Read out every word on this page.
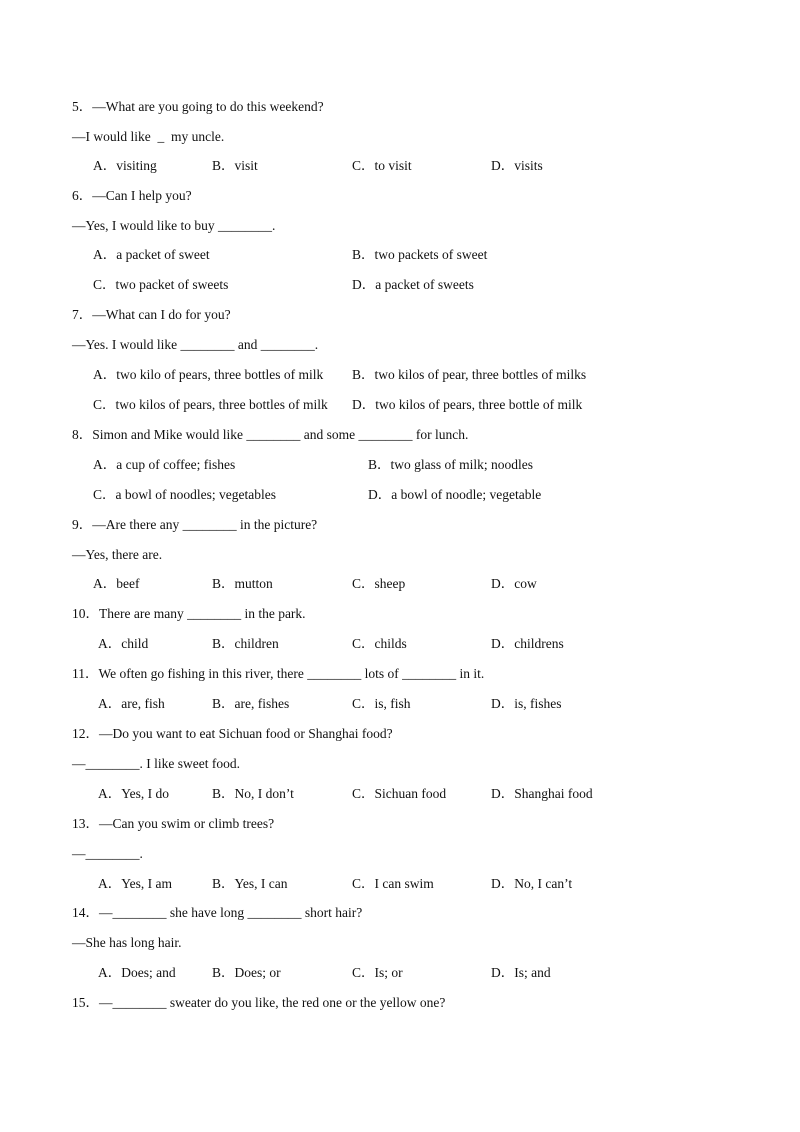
5．—What are you going to do this weekend?
—I would like  _  my uncle.
A．visiting	B．visit	C．to visit	D．visits
6．—Can I help you?
—Yes, I would like to buy ________.
A．a packet of sweet	B．two packets of sweet
C．two packet of sweets	D．a packet of sweets
7．—What can I do for you?
—Yes. I would like ________ and ________.
A．two kilo of pears, three bottles of milk B．two kilos of pear, three bottles of milks
C．two kilos of pears, three bottles of milk D．two kilos of pears, three bottle of milk
8．Simon and Mike would like ________ and some ________ for lunch.
A．a cup of coffee; fishes	B．two glass of milk; noodles
C．a bowl of noodles; vegetables	D．a bowl of noodle; vegetable
9．—Are there any ________ in the picture?
—Yes, there are.
A．beef	B．mutton	C．sheep	D．cow
10．There are many ________ in the park.
A．child	B．children	C．childs	D．childrens
11．We often go fishing in this river, there ________ lots of ________ in it.
A．are, fish	B．are, fishes	C．is, fish	D．is, fishes
12．—Do you want to eat Sichuan food or Shanghai food?
—________. I like sweet food.
A．Yes, I do	B．No, I don’t	C．Sichuan food	D．Shanghai food
13．—Can you swim or climb trees?
—________.
A．Yes, I am	B．Yes, I can	C．I can swim	D．No, I can’t
14．—________ she have long ________ short hair?
—She has long hair.
A．Does; and	B．Does; or	C．Is; or	D．Is; and
15．—________ sweater do you like, the red one or the yellow one?
